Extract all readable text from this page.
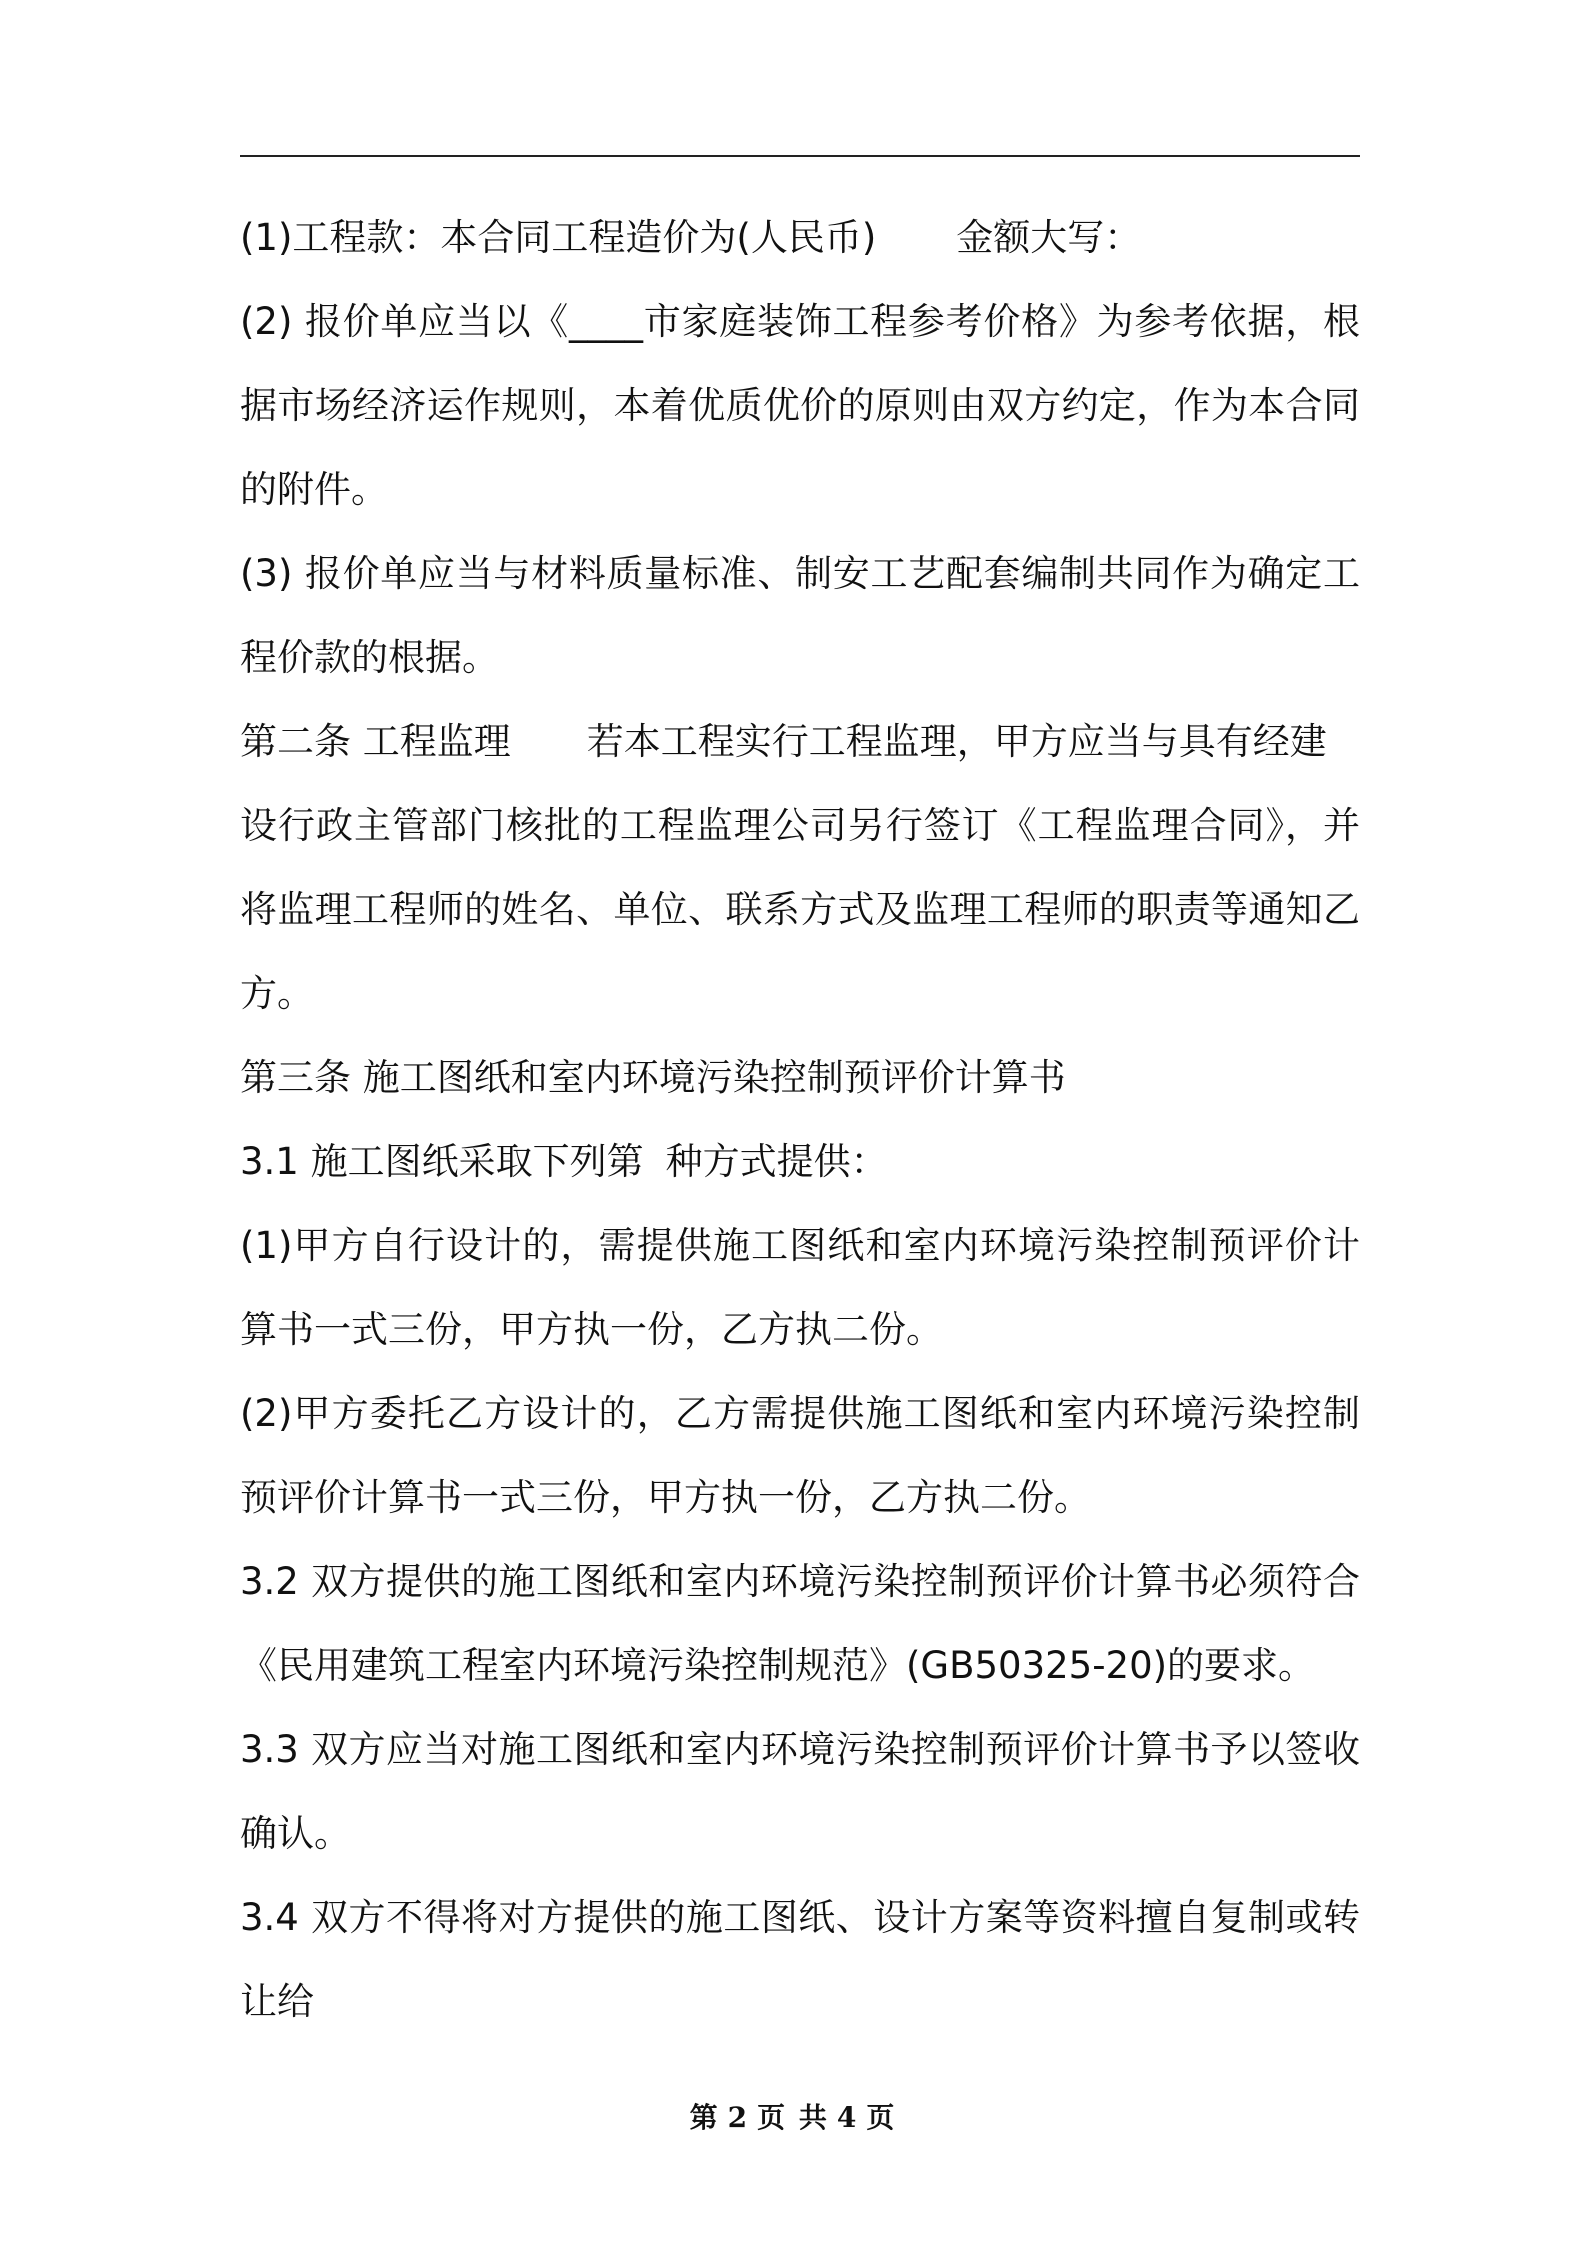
(1)工程款：本合同工程造价为(人民币) 金额大写：
(2) 报价单应当以《____市家庭装饰工程参考价格》为参考依据，根
据市场经济运作规则，本着优质优价的原则由双方约定，作为本合同
的附件。
(3) 报价单应当与材料质量标准、制安工艺配套编制共同作为确定工
程价款的根据。
第二条 工程监理 若本工程实行工程监理，甲方应当与具有经建
设行政主管部门核批的工程监理公司另行签订《工程监理合同》，并
将监理工程师的姓名、单位、联系方式及监理工程师的职责等通知乙
方。
第三条 施工图纸和室内环境污染控制预评价计算书
3.1 施工图纸采取下列第 种方式提供：
(1)甲方自行设计的，需提供施工图纸和室内环境污染控制预评价计
算书一式三份，甲方执一份，乙方执二份。
(2)甲方委托乙方设计的，乙方需提供施工图纸和室内环境污染控制
预评价计算书一式三份，甲方执一份，乙方执二份。
3.2 双方提供的施工图纸和室内环境污染控制预评价计算书必须符合
《民用建筑工程室内环境污染控制规范》(GB50325-20)的要求。
3.3 双方应当对施工图纸和室内环境污染控制预评价计算书予以签收
确认。
3.4 双方不得将对方提供的施工图纸、设计方案等资料擅自复制或转
让给
第 2 页 共 4 页
